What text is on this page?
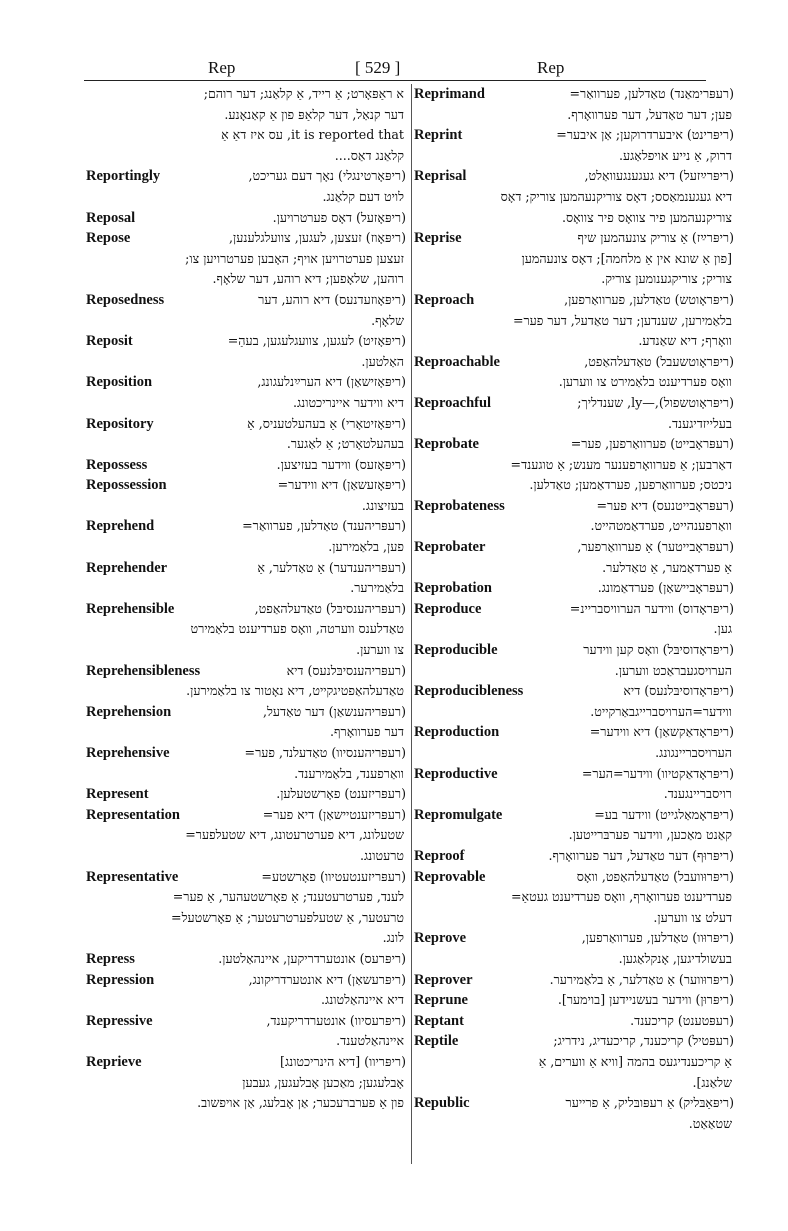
Rep	[ 529 ]	Rep
א ראַפּאָרט; אַ רייד, אַ קלאַנג; דער רוהם;
דער קנאַל, דער קלאַפּ פון אַ קאַנאָנע.
it is reported that, עס איז דאַ אַ
קלאַנג דאַס....
Reportingly	(ריפּאָרטינגלי) נאָך דעם געריכט,
לויט דעם קלאַנג.
Reposal	(ריפּאָזעל) דאָס פערטרויען.
Repose	(ריפּאָוז) זעצען, לעגען, צוועלגלענען,
זעצען פערטרויען אויף; האָבען פערטרויען צו;
רוהען, שלאָפען; דיא רוהע, דער שלאָף.
Reposedness	(ריפּאָוזעדנעס) דיא רוהע, דער
שלאָף.
Reposit	(ריפּאָזיט) לעגען, צוועגלעגען, בעהַ=
האַלטען.
Reposition	(ריפּאָזישאַן) דיא הערײַנלעגונג,
דיא ווידער איינריכטונג.
Repository	(ריפּאָזיטאָרי) אַ בעהעלטעניס, אַ
בעהעלטאָרט; אַ לאַגער.
Repossess	(ריפּאָזעס) ווידער בעזיצען.
Repossession	(ריפּאָזעשאַן) דיא ווידער=
בעזיצונג.
Reprehend	(רעפּריהענד) טאַדלען, פערוואַר=
פען, בלאַמירען.
Reprehender	(רעפּריהענדער) אַ טאַדלער, אַ
בלאַמירער.
Reprehensible	(רעפּריהענסיבּל) טאַדעלהאַפט,
טאַדלענס ווערטה, וואָס פערדיענט בלאַמירט
צו ווערען.
Reprehensibleness	(רעפּריהענסיבּלנעס) דיא
טאַדעלהאַפטיגקייט, דיא נאָטור צו בלאַמירען.
Reprehension	(רעפּריהענשאַן) דער טאַדעל,
דער פערוואָרף.
Reprehensive	(רעפּריהענסיוו) טאַדעלנד, פער=
וואַרפענד, בלאַמירענד.
Represent	(רעפּריזענט) פאָרשטעלען.
Representation	(רעפּריזענטיישאַן) דיא פער=
שטעלונג, דיא פערטרעטונג, דיא שטעלפער=
טרעטונג.
Representative	(רעפּריזענטעטיוו) פאָרשטע=
לענד, פערטרעטענד; אַ פאָרשטעהער, אַ פער=
טרעטער, אַ שטעלפערטרעטער; אַ פאָרשטעל=
לונג.
Repress	(ריפּרעס) אונטערדריקען, איינהאַלטען.
Repression	(ריפּרעשאַן) דיא אונטערדריקונג,
דיא איינהאַלטונג.
Repressive	(ריפּרעסיוו) אונטערדריקענד,
איינהאַלטענד.
Reprieve	(ריפּריוו) [דיא הינריכטונג]
אָבלעגען; מאַכען אָבלעגען, געבען
פון אַ פערברעכער; אַן אָבלעג, אַן אויפשוב.
Reprimand	(רעפּרימאַנד) טאַדלען, פערוואַר=
פען; דער טאַדעל, דער פערוואָרף.
Reprint	(ריפּרינט) איבערדרוקען; אַן איבער=
דרוק, אַ נייע אויפלאַגע.
Reprisal	(ריפּרײַזעל) דיא געגענגעוואַלט,
דיא געגענמאַסס; דאָס צוריקנעהמען צוריק; דאָס
צוריקנעהמען פיר צוואָס פיר צוואָס.
Reprise	(ריפּרײַז) אַ צוריק צונעהמען שיף
[פון אַ שונא אין אַ מלחמה]; דאָס צונעהמען
צוריק; צוריקגענומען צוריק.
Reproach	(ריפּראָוטש) טאַדלען, פערוואַרפען,
בלאַמירען, שענדען; דער טאַדעל, דער פער=
וואָרף; דיא שאַנדע.
Reproachable	(ריפּראָוטשעבל) טאַדעלהאַפט,
וואָס פערדיענט בלאַמירט צו ווערען.
Reproachful	(ריפּראָוטשפול),—ly, שענדליך;
בעלייזדיגענד.
Reprobate	(רעפּראָבייט) פערוואַרפען, פער=
דאַרבען; אַ פערוואָרפענער מענש; אַ טוגענד=
ניכטס; פערוואַרפען, פערדאַמען; טאַדלען.
Reprobateness	(רעפּראָבייטנעס) דיא פער=
וואַרפענהייט, פערדאַמטהייט.
Reprobater	(רעפּראָבייטער) אַ פערוואַרפער,
אַ פערדאַמער, אַ טאַדלער.
Reprobation	(רעפּראָביישאַן) פערדאַמונג.
Reproduce	(ריפּראָדוס) ווידער הערוויסבריינ=
גען.
Reproducible	(ריפּראָדוסיבּל) וואָס קען ווידער
הערויסגעבראַכט ווערען.
Reproducibleness	(ריפּראָדוסיבּלנעס) דיא
ווידער=הערויסברייגבאַרקייט.
Reproduction	(ריפּראָדאַקשאַן) דיא ווידער=
הערויסבריינגונג.
Reproductive	(ריפּראָדאַקטיוו) ווידער=הער=
רויסבריינגענד.
Repromulgate	(ריפּראָמאַלגייט) ווידער בע=
קאַנט מאַכען, ווידער פערבּרייטען.
Reproof	(ריפּרוּף) דער טאַדעל, דער פערוואָרף.
Reprovable	(ריפּרוּוועבל) טאַדעלהאַפט, וואָס
פערדיענט פערוואָרף, וואָס פערדיענט געטאַ=
דעלט צו ווערען.
Reprove	(ריפּרוּוו) טאַדלען, פערוואַרפען,
בעשולדיגען, אָנקלאַגען.
Reprover	(ריפּרוּווער) אַ טאַדלער, אַ בלאַמירער.
Reprune	(ריפּרוּן) ווידער בעשניידען [בוימער].
Reptant	(רעפּטענט) קריכענד.
Reptile	(רעפּטיל) קריכענד, קריכעדיג, נידריג;
אַ קריכענדיגעס בהמה [וויא אַ ווערים, אַ
שלאַנג].
Republic	(ריפּאַבּליק) אַ רעפּובּליק, אַ פרייער
שטאַאַט.
